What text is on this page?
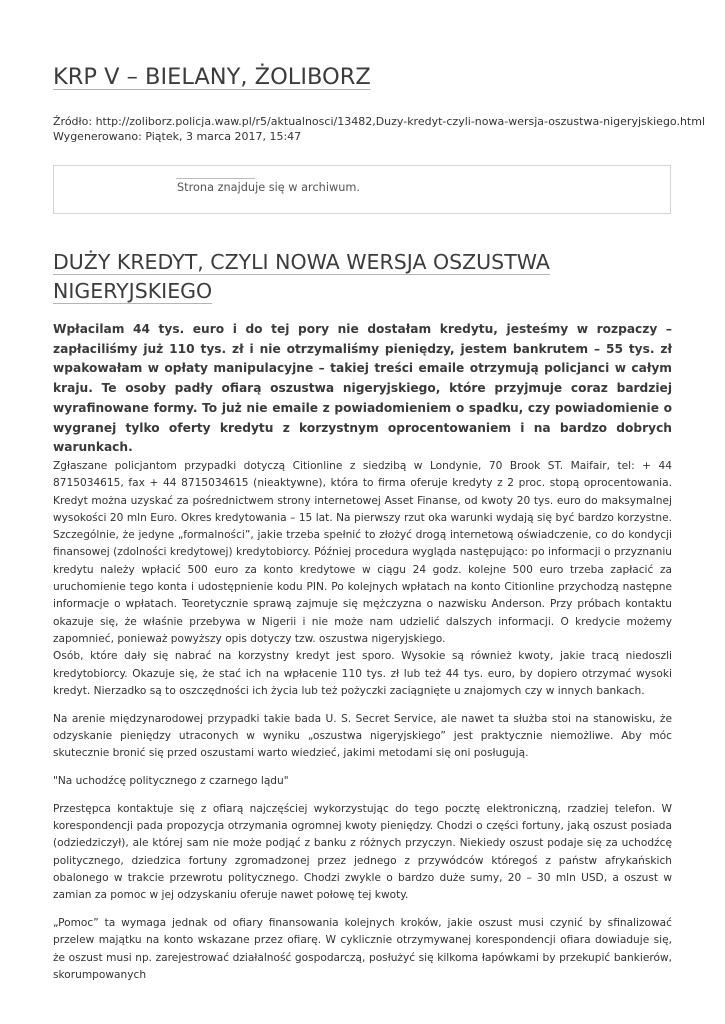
KRP V – BIELANY, ŻOLIBORZ
Źródło: http://zoliborz.policja.waw.pl/r5/aktualnosci/13482,Duzy-kredyt-czyli-nowa-wersja-oszustwa-nigeryjskiego.html
Wygenerowano: Piątek, 3 marca 2017, 15:47
Strona znajduje się w archiwum.
DUŻY KREDYT, CZYLI NOWA WERSJA OSZUSTWA NIGERYJSKIEGO

Wpłacilam 44 tys. euro i do tej pory nie dostałam kredytu, jesteśmy w rozpaczy – zapłaciliśmy już 110 tys. zł i nie otrzymaliśmy pieniędzy, jestem bankrutem – 55 tys. zł wpakowałam w opłaty manipulacyjne – takiej treści emaile otrzymują policjanci w całym kraju. Te osoby padły ofiarą oszustwa nigeryjskiego, które przyjmuje coraz bardziej wyrafinowane formy. To już nie emaile z powiadomieniem o spadku, czy powiadomienie o wygranej tylko oferty kredytu z korzystnym oprocentowaniem i na bardzo dobrych warunkach.

Zgłaszane policjantom przypadki dotyczą Citionline z siedzibą w Londynie, 70 Brook ST. Maifair, tel: + 44 8715034615, fax + 44 8715034615 (nieaktywne), która to firma oferuje kredyty z 2 proc. stopą oprocentowania. Kredyt można uzyskać za pośrednictwem strony internetowej Asset Finanse, od kwoty 20 tys. euro do maksymalnej wysokości 20 mln Euro. Okres kredytowania – 15 lat. Na pierwszy rzut oka warunki wydają się być bardzo korzystne. Szczególnie, że jedyne „formalności”, jakie trzeba spełnić to złożyć drogą internetową oświadczenie, co do kondycji finansowej (zdolności kredytowej) kredytobiorcy. Później procedura wygląda następująco: po informacji o przyznaniu kredytu należy wpłacić 500 euro za konto kredytowe w ciągu 24 godz. kolejne 500 euro trzeba zapłacić za uruchomienie tego konta i udostępnienie kodu PIN. Po kolejnych wpłatach na konto Citionline przychodzą następne informacje o wpłatach. Teoretycznie sprawą zajmuje się mężczyzna o nazwisku Anderson. Przy próbach kontaktu okazuje się, że właśnie przebywa w Nigerii i nie może nam udzielić dalszych informacji. O kredycie możemy zapomnieć, ponieważ powyższy opis dotyczy tzw. oszustwa nigeryjskiego.

Osób, które dały się nabrać na korzystny kredyt jest sporo. Wysokie są również kwoty, jakie tracą niedoszli kredytobiorcy. Okazuje się, że stać ich na wpłacenie 110 tys. zł lub też 44 tys. euro, by dopiero otrzymać wysoki kredyt. Nierzadko są to oszczędności ich życia lub też pożyczki zaciągnięte u znajomych czy w innych bankach.

Na arenie międzynarodowej przypadki takie bada U. S. Secret Service, ale nawet ta służba stoi na stanowisku, że odzyskanie pieniędzy utraconych w wyniku „oszustwa nigeryjskiego” jest praktycznie niemożliwe. Aby móc skutecznie bronić się przed oszustami warto wiedzieć, jakimi metodami się oni posługują.

"Na uchodźcę politycznego z czarnego lądu"

Przestępca kontaktuje się z ofiarą najczęściej wykorzystując do tego pocztę elektroniczną, rzadziej telefon. W korespondencji pada propozycja otrzymania ogromnej kwoty pieniędzy. Chodzi o części fortuny, jaką oszust posiada (odziedziczył), ale której sam nie może podjąć z banku z różnych przyczyn. Niekiedy oszust podaje się za uchodźcę politycznego, dziedzica fortuny zgromadzonej przez jednego z przywódców któregoś z państw afrykańskich obalonego w trakcie przewrotu politycznego. Chodzi zwykle o bardzo duże sumy, 20 – 30 mln USD, a oszust w zamian za pomoc w jej odzyskaniu oferuje nawet połowę tej kwoty.

„Pomoc” ta wymaga jednak od ofiary finansowania kolejnych kroków, jakie oszust musi czynić by sfinalizować przelew majątku na konto wskazane przez ofiarę. W cyklicznie otrzymywanej korespondencji ofiara dowiaduje się, że oszust musi np. zarejestrować działalność gospodarczą, posłużyć się kilkoma łapówkami by przekupić bankierów, skorumpowanych
